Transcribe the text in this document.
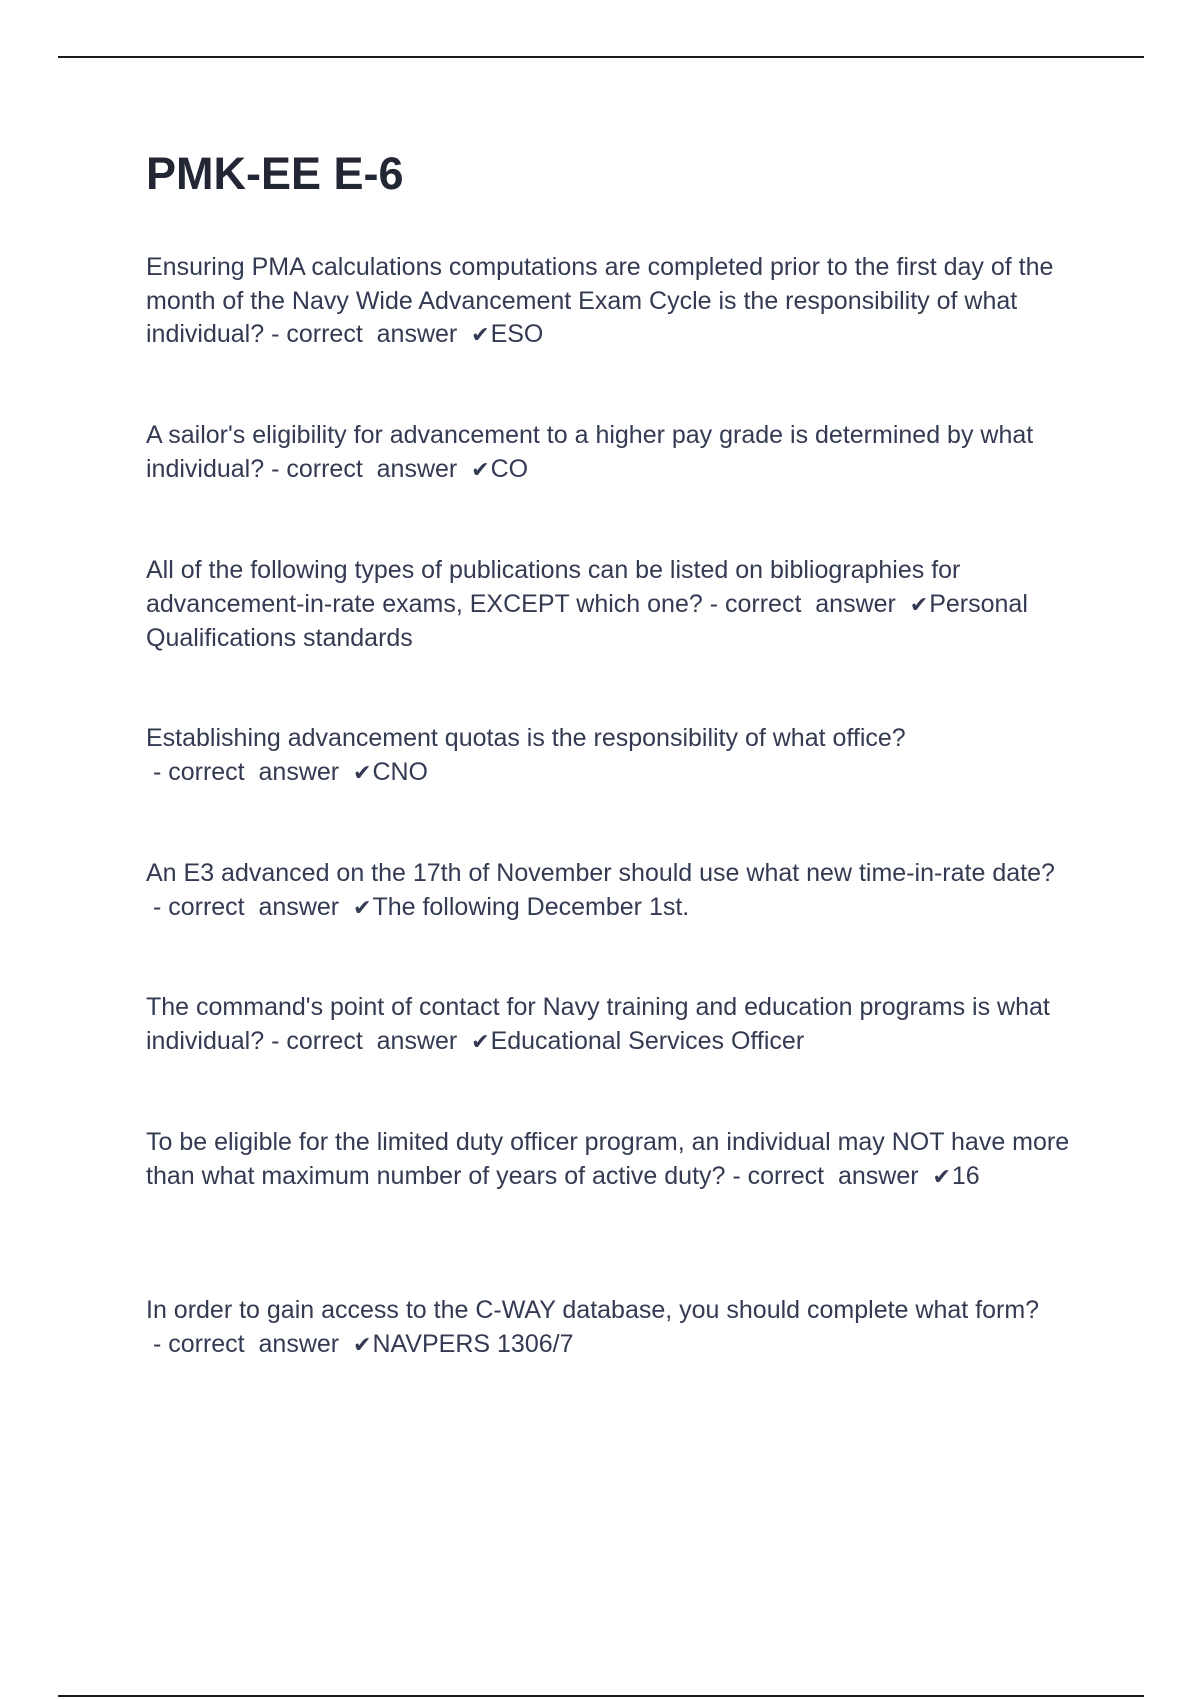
PMK-EE E-6

Ensuring PMA calculations computations are completed prior to the first day of the month of the Navy Wide Advancement Exam Cycle is the responsibility of what individual? - correct  answer  ✔ESO

A sailor's eligibility for advancement to a higher pay grade is determined by what individual? - correct  answer  ✔CO

All of the following types of publications can be listed on bibliographies for advancement-in-rate exams, EXCEPT which one? - correct  answer  ✔Personal Qualifications standards

Establishing advancement quotas is the responsibility of what office? - correct  answer  ✔CNO

An E3 advanced on the 17th of November should use what new time-in-rate date? - correct  answer  ✔The following December 1st.

The command's point of contact for Navy training and education programs is what individual? - correct  answer  ✔Educational Services Officer

To be eligible for the limited duty officer program, an individual may NOT have more than what maximum number of years of active duty? - correct  answer  ✔16

In order to gain access to the C-WAY database, you should complete what form? - correct  answer  ✔NAVPERS 1306/7
